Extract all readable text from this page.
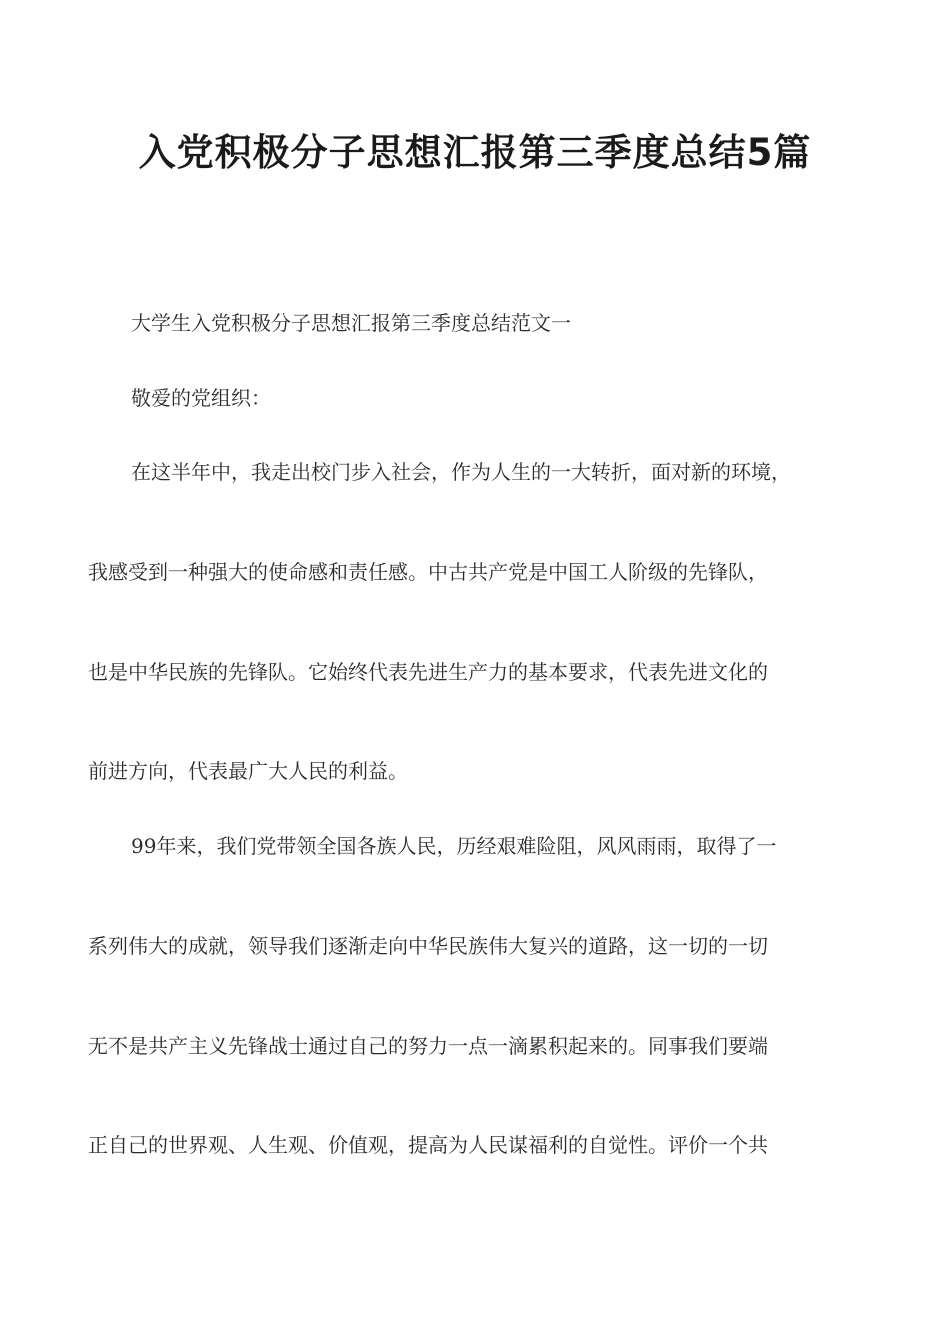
入党积极分子思想汇报第三季度总结5篇
大学生入党积极分子思想汇报第三季度总结范文一
敬爱的党组织：
在这半年中，我走出校门步入社会，作为人生的一大转折，面对新的环境，
我感受到一种强大的使命感和责任感。中古共产党是中国工人阶级的先锋队，
也是中华民族的先锋队。它始终代表先进生产力的基本要求，代表先进文化的
前进方向，代表最广大人民的利益。
99年来，我们党带领全国各族人民，历经艰难险阻，风风雨雨，取得了一
系列伟大的成就，领导我们逐渐走向中华民族伟大复兴的道路，这一切的一切
无不是共产主义先锋战士通过自己的努力一点一滴累积起来的。同事我们要端
正自己的世界观、人生观、价值观，提高为人民谋福利的自觉性。评价一个共
